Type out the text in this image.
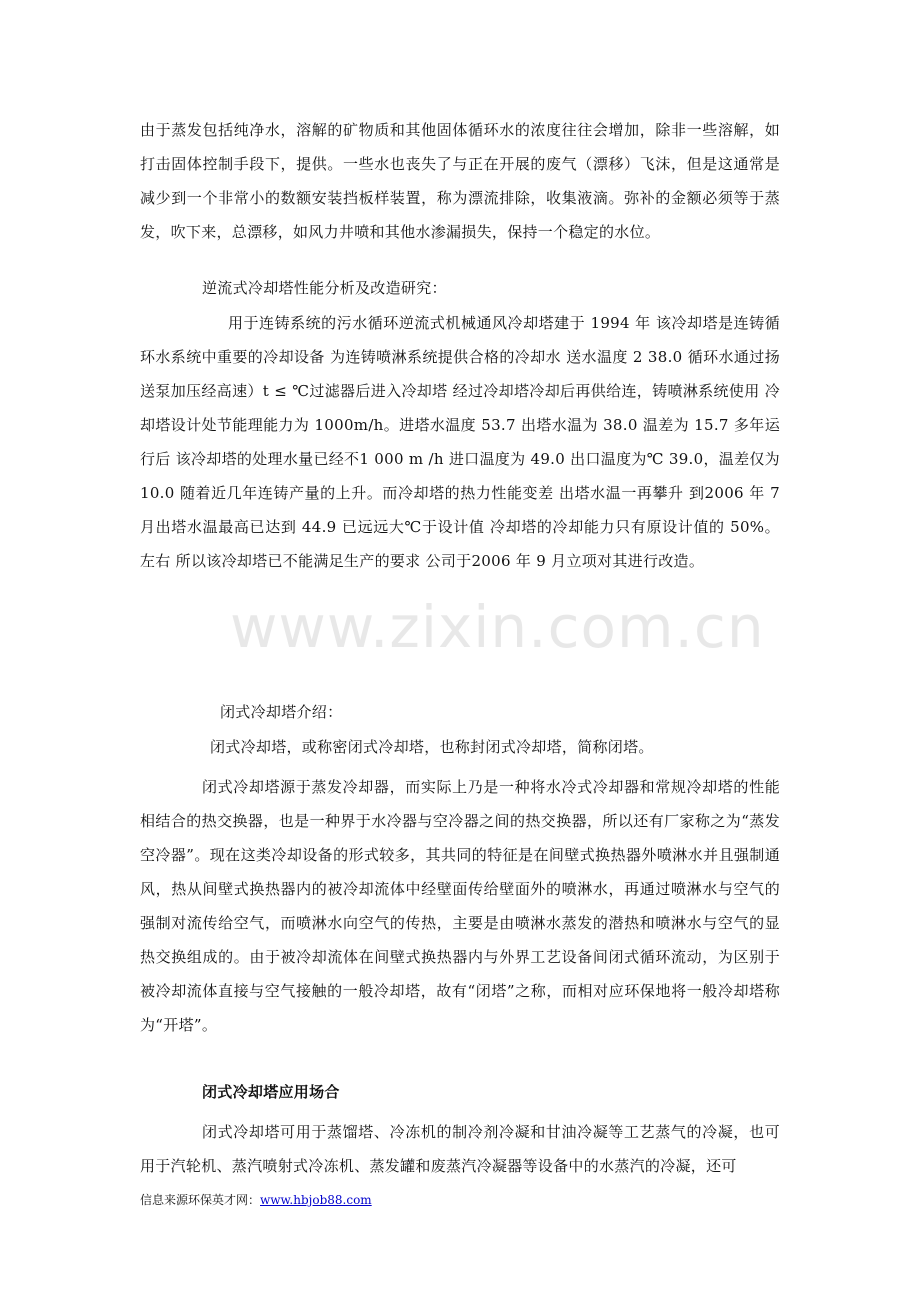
由于蒸发包括纯净水，溶解的矿物质和其他固体循环水的浓度往往会增加，除非一些溶解，如打击固体控制手段下，提供。一些水也丧失了与正在开展的废气（漂移）飞沫，但是这通常是减少到一个非常小的数额安装挡板样装置，称为漂流排除，收集液滴。弥补的金额必须等于蒸发，吹下来，总漂移，如风力井喷和其他水渗漏损失，保持一个稳定的水位。

逆流式冷却塔性能分析及改造研究：

用于连铸系统的污水循环逆流式机械通风冷却塔建于 1994 年 该冷却塔是连铸循环水系统中重要的冷却设备 为连铸喷淋系统提供合格的冷却水 送水温度 2 38.0 循环水通过扬送泵加压经高速）t ≤ ℃过滤器后进入冷却塔 经过冷却塔冷却后再供给连，铸喷淋系统使用 冷却塔设计处节能理能力为 1000m/h。进塔水温度 53.7 出塔水温为 38.0 温差为 15.7 多年运行后 该冷却塔的处理水量已经不1 000 m /h 进口温度为 49.0 出口温度为℃ 39.0，温差仅为 10.0 随着近几年连铸产量的上升。而冷却塔的热力性能变差 出塔水温一再攀升 到2006 年 7 月出塔水温最高已达到 44.9 已远远大℃于设计值 冷却塔的冷却能力只有原设计值的 50%。左右 所以该冷却塔已不能满足生产的要求 公司于2006 年 9 月立项对其进行改造。

闭式冷却塔介绍：

闭式冷却塔，或称密闭式冷却塔，也称封闭式冷却塔，简称闭塔。

闭式冷却塔源于蒸发冷却器，而实际上乃是一种将水冷式冷却器和常规冷却塔的性能相结合的热交换器，也是一种界于水冷器与空冷器之间的热交换器，所以还有厂家称之为“蒸发空冷器”。现在这类冷却设备的形式较多，其共同的特征是在间壁式换热器外喷淋水并且强制通风，热从间壁式换热器内的被冷却流体中经壁面传给壁面外的喷淋水，再通过喷淋水与空气的强制对流传给空气，而喷淋水向空气的传热，主要是由喷淋水蒸发的潜热和喷淋水与空气的显热交换组成的。由于被冷却流体在间壁式换热器内与外界工艺设备间闭式循环流动，为区别于被冷却流体直接与空气接触的一般冷却塔，故有“闭塔”之称，而相对应环保地将一般冷却塔称为“开塔”。

闭式冷却塔应用场合

闭式冷却塔可用于蒸馏塔、冷冻机的制冷剂冷凝和甘油冷凝等工艺蒸气的冷凝，也可用于汽轮机、蒸汽喷射式冷冻机、蒸发罐和废蒸汽冷凝器等设备中的水蒸汽的冷凝，还可

信息来源环保英才网：www.hbjob88.com
www.zixin.com.cn
